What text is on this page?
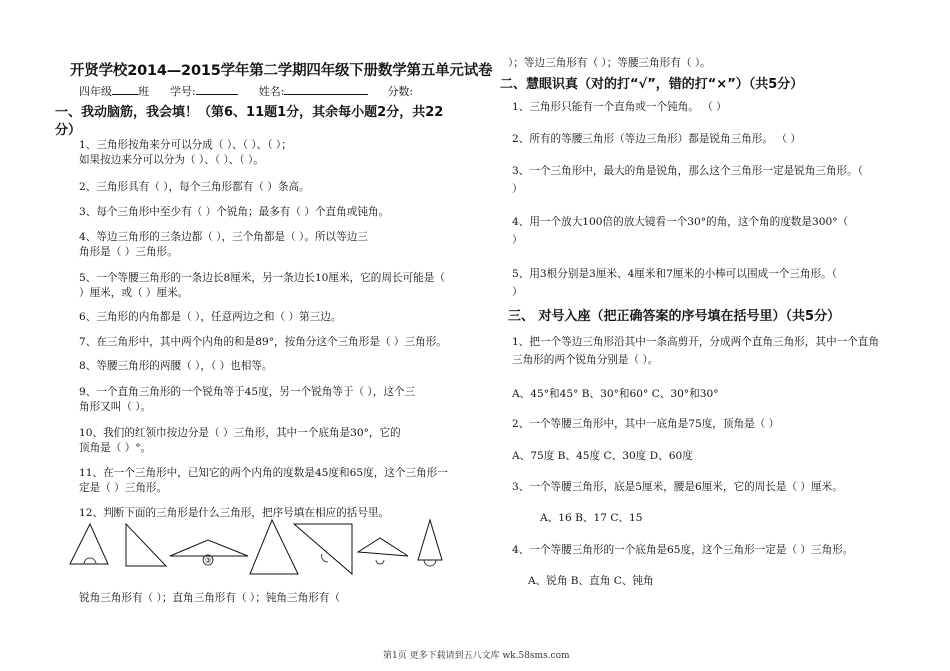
开贤学校2014—2015学年第二学期四年级下册数学第五单元试卷
四年级 班 学号:	姓名:	分数:
一、我动脑筋，我会填！（第6、11题1分，其余每小题2分，共22
分）
1、三角形按角来分可以分成（ ）、（ ）、（ ）；
如果按边来分可以分为（ ）、（ ）、（ ）。
2、三角形具有（ ），每个三角形都有（ ）条高。
3、每个三角形中至少有（ ）个锐角；最多有（ ）个直角或钝角。
4、等边三角形的三条边都（ ），三个角都是（ ）。所以等边三
角形是（ ）三角形。
5、一个等腰三角形的一条边长8厘米，另一条边长10厘米，它的周长可能是（
）厘米，或（ ）厘米。
6、三角形的内角都是（ ），任意两边之和（ ）第三边。
7、在三角形中，其中两个内角的和是89°，按角分这个三角形是（ ）三角形。
8、等腰三角形的两腰（ ），（ ）也相等。
9、一个直角三角形的一个锐角等于45度，另一个锐角等于（ ），这个三
角形又叫（ ）。
10、我们的红领巾按边分是（ ）三角形，其中一个底角是30°，它的
顶角是（ ）°。
11、在一个三角形中，已知它的两个内角的度数是45度和65度，这个三角形一
定是（ ）三角形。
12、判断下面的三角形是什么三角形，把序号填在相应的括号里。
③
锐角三角形有（ ）；直角三角形有（ ）；钝角三角形有（
）；等边三角形有（ ）；等腰三角形有（ ）。
二、慧眼识真（对的打“√”，错的打“×”）（共5分）
1、三角形只能有一个直角或一个钝角。 （ ）
2、所有的等腰三角形（等边三角形）都是锐角三角形。 （ ）
3、一个三角形中，最大的角是锐角，那么这个三角形一定是锐角三角形。（
）
4、用一个放大100倍的放大镜看一个30°的角，这个角的度数是300°（
）
5、用3根分别是3厘米、4厘米和7厘米的小棒可以围成一个三角形。（
）
三、 对号入座（把正确答案的序号填在括号里）（共5分）
1、把一个等边三角形沿其中一条高剪开，分成两个直角三角形，其中一个直角
三角形的两个锐角分别是（ ）。
A、45°和45° B、30°和60° C、30°和30°
2、一个等腰三角形中，其中一底角是75度，顶角是（ ）
A、75度 B、45度 C、30度 D、60度
3、一个等腰三角形，底是5厘米，腰是6厘米，它的周长是（ ）厘米。
A、16 B、17 C、15
4、一个等腰三角形的一个底角是65度，这个三角形一定是（ ）三角形。
A、锐角 B、直角 C、钝角
第1页 更多下载请到五八文库 wk.58sms.com
